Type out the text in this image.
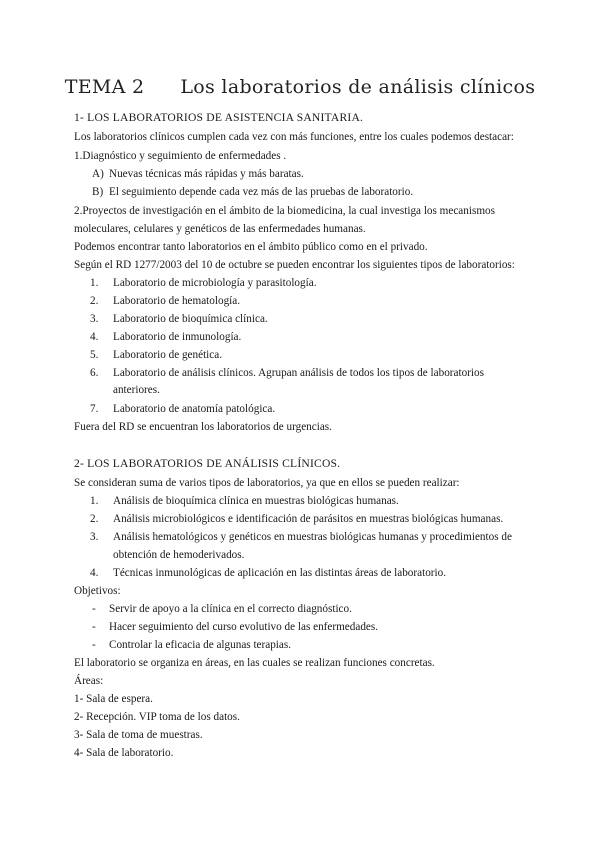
TEMA 2 Los laboratorios de análisis clínicos
1- LOS LABORATORIOS DE ASISTENCIA SANITARIA.
Los laboratorios clínicos cumplen cada vez con más funciones, entre los cuales podemos destacar:
1.Diagnóstico y seguimiento de enfermedades .
A) Nuevas técnicas más rápidas y más baratas.
B) El seguimiento depende cada vez más de las pruebas de laboratorio.
2.Proyectos de investigación en el ámbito de la biomedicina, la cual investiga los mecanismos
moleculares, celulares y genéticos de las enfermedades humanas.
Podemos encontrar tanto laboratorios en el ámbito público como en el privado.
Según el RD 1277/2003 del 10 de octubre se pueden encontrar los siguientes tipos de laboratorios:
1. Laboratorio de microbiología y parasitología.
2. Laboratorio de hematología.
3. Laboratorio de bioquímica clínica.
4. Laboratorio de inmunología.
5. Laboratorio de genética.
6. Laboratorio de análisis clínicos. Agrupan análisis de todos los tipos de laboratorios
anteriores.
7. Laboratorio de anatomía patológica.
Fuera del RD se encuentran los laboratorios de urgencias.
2- LOS LABORATORIOS DE ANÁLISIS CLÍNICOS.
Se consideran suma de varios tipos de laboratorios, ya que en ellos se pueden realizar:
1. Análisis de bioquímica clínica en muestras biológicas humanas.
2. Análisis microbiológicos e identificación de parásitos en muestras biológicas humanas.
3. Análisis hematológicos y genéticos en muestras biológicas humanas y procedimientos de
obtención de hemoderivados.
4. Técnicas inmunológicas de aplicación en las distintas áreas de laboratorio.
Objetivos:
- Servir de apoyo a la clínica en el correcto diagnóstico.
- Hacer seguimiento del curso evolutivo de las enfermedades.
- Controlar la eficacia de algunas terapias.
El laboratorio se organiza en áreas, en las cuales se realizan funciones concretas.
Áreas:
1- Sala de espera.
2- Recepción. VIP toma de los datos.
3- Sala de toma de muestras.
4- Sala de laboratorio.
